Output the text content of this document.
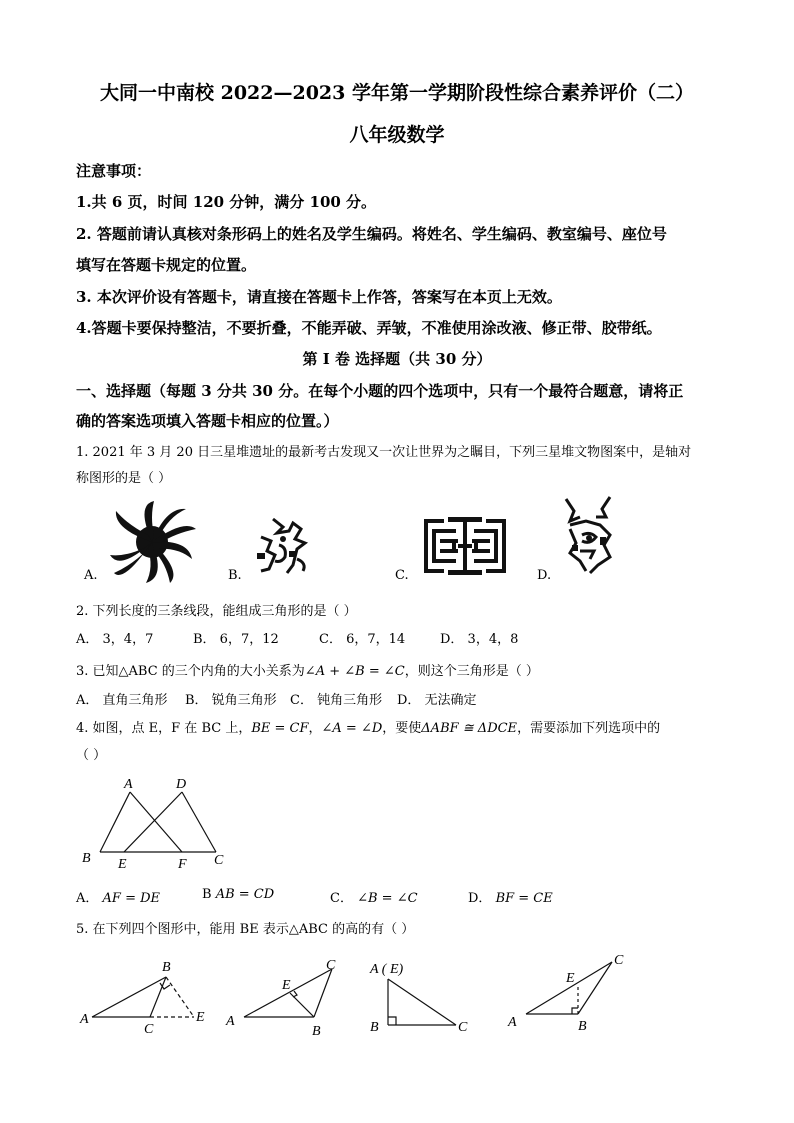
大同一中南校 2022—2023 学年第一学期阶段性综合素养评价（二）
八年级数学
注意事项：
1.共 6 页，时间 120 分钟，满分 100 分。
2. 答题前请认真核对条形码上的姓名及学生编码。将姓名、学生编码、教室编号、座位号
填写在答题卡规定的位置。
3. 本次评价设有答题卡，请直接在答题卡上作答，答案写在本页上无效。
4.答题卡要保持整洁，不要折叠，不能弄破、弄皱，不准使用涂改液、修正带、胶带纸。
第 I 卷 选择题（共 30 分）
一、选择题（每题 3 分共 30 分。在每个小题的四个选项中，只有一个最符合题意，请将正
确的答案选项填入答题卡相应的位置。）
1. 2021 年 3 月 20 日三星堆遗址的最新考古发现又一次让世界为之瞩目，下列三星堆文物图案中，是轴对
称图形的是（ ）
A.	B.	C.	D.
2. 下列长度的三条线段，能组成三角形的是（ ）
A． 3，4，7	B． 6，7，12	C． 6，7，14	D． 3，4，8
3. 已知△ABC 的三个内角的大小关系为∠A + ∠B = ∠C，则这个三角形是（ ）
A． 直角三角形 B． 锐角三角形 C． 钝角三角形 D． 无法确定
4. 如图，点 E，F 在 BC 上，BE = CF，∠A = ∠D，要使ΔABF ≅ ΔDCE，需要添加下列选项中的
（ ）
A	D
B E	F C
A． AF = DE	B AB = CD	C． ∠B = ∠C	D． BF = CE
5. 在下列四个图形中，能用 BE 表示△ABC 的高的有（ ）
B
A
C
E
C
E
A
B
A ( E)
B	C
C
E
A	B
